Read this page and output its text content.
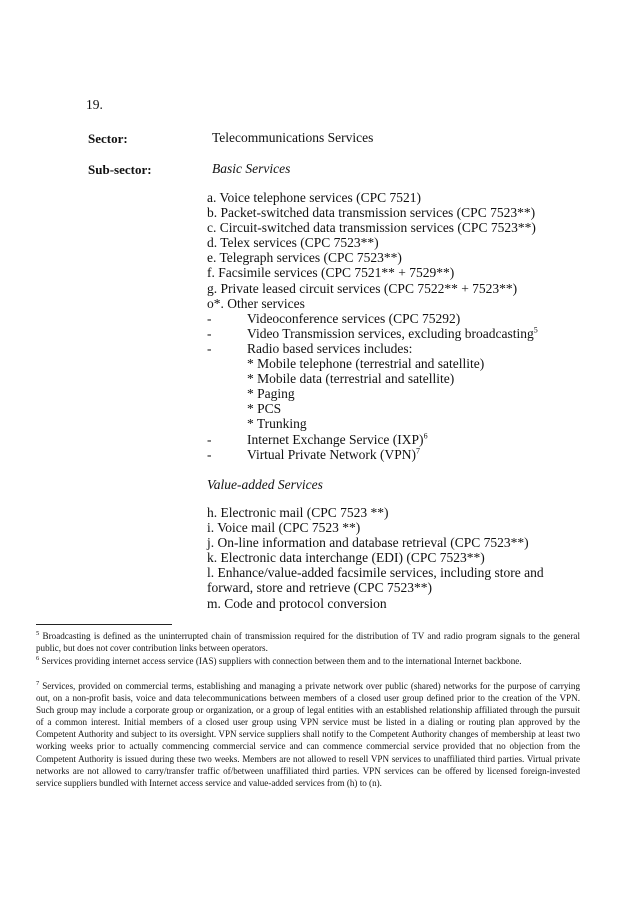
19.
Sector:	Telecommunications Services
Sub-sector:	Basic Services
a. Voice telephone services (CPC 7521)
b. Packet-switched data transmission services (CPC 7523**)
c. Circuit-switched data transmission services (CPC 7523**)
d. Telex services (CPC 7523**)
e. Telegraph services (CPC 7523**)
f. Facsimile services (CPC 7521** + 7529**)
g. Private leased circuit services (CPC 7522** + 7523**)
o*. Other services
-	Videoconference services (CPC 75292)
-	Video Transmission services, excluding broadcasting$^5$
-	Radio based services includes:
* Mobile telephone (terrestrial and satellite)
* Mobile data (terrestrial and satellite)
* Paging
* PCS
* Trunking
-	Internet Exchange Service (IXP)$^6$
-	Virtual Private Network (VPN)$^7$
Value-added Services
h. Electronic mail (CPC 7523 **)
i. Voice mail (CPC 7523 **)
j. On-line information and database retrieval (CPC 7523**)
k. Electronic data interchange (EDI) (CPC 7523**)
l. Enhance/value-added facsimile services, including store and
forward, store and retrieve (CPC 7523**)
m. Code and protocol conversion
$^5$ Broadcasting is defined as the uninterrupted chain of transmission required for the distribution of TV and radio program signals to the general public, but does not cover contribution links between operators.
$^6$ Services providing internet access service (IAS) suppliers with connection between them and to the international Internet backbone.
$^7$ Services, provided on commercial terms, establishing and managing a private network over public (shared) networks for the purpose of carrying out, on a non-profit basis, voice and data telecommunications between members of a closed user group defined prior to the creation of the VPN. Such group may include a corporate group or organization, or a group of legal entities with an established relationship affiliated through the pursuit of a common interest. Initial members of a closed user group using VPN service must be listed in a dialing or routing plan approved by the Competent Authority and subject to its oversight. VPN service suppliers shall notify to the Competent Authority changes of membership at least two working weeks prior to actually commencing commercial service and can commence commercial service provided that no objection from the Competent Authority is issued during these two weeks. Members are not allowed to resell VPN services to unaffiliated third parties. Virtual private networks are not allowed to carry/transfer traffic of/between unaffiliated third parties. VPN services can be offered by licensed foreign-invested service suppliers bundled with Internet access service and value-added services from (h) to (n).
